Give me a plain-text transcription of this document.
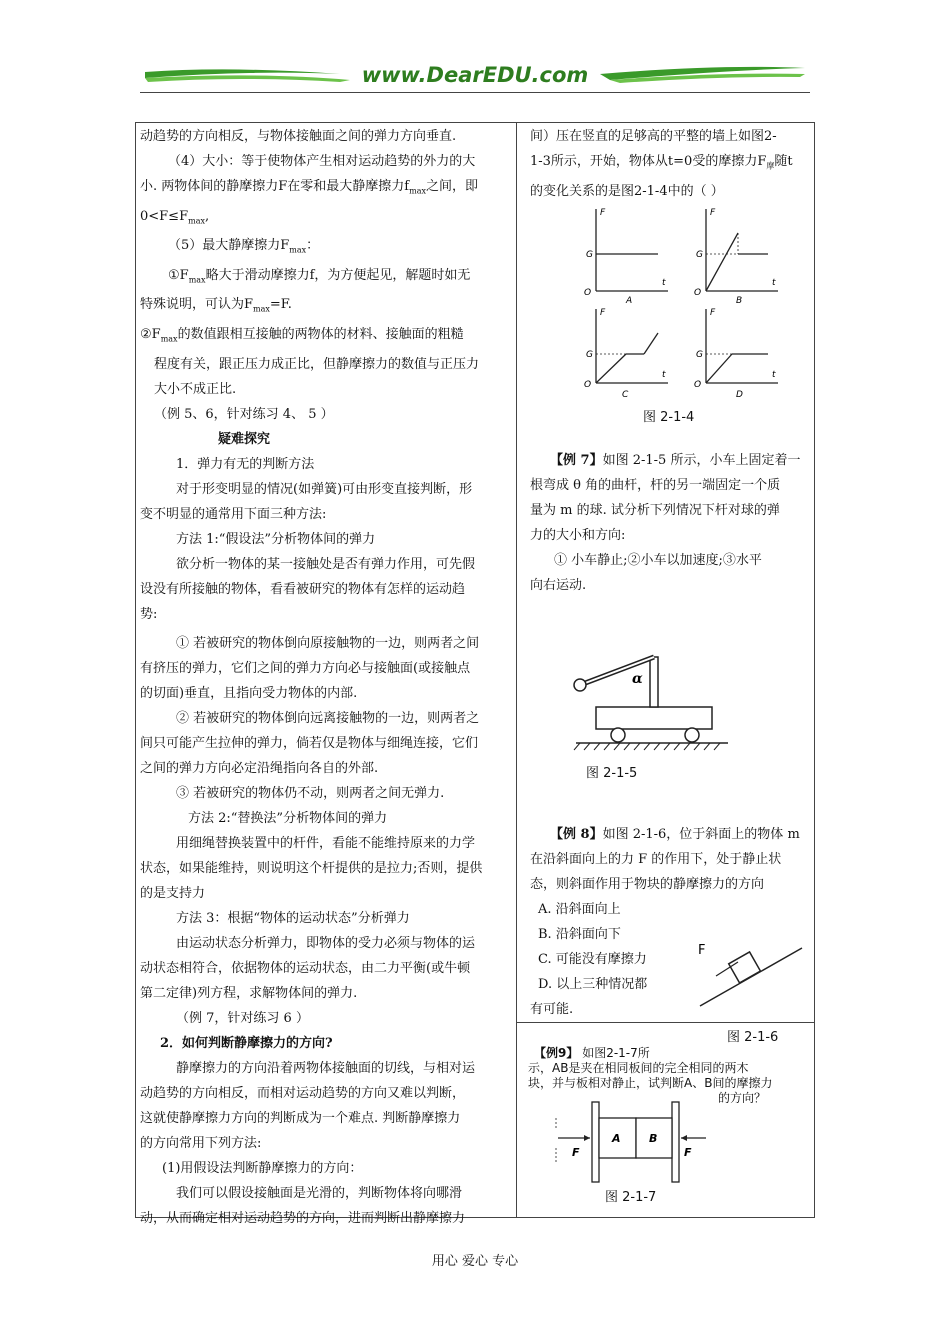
www.DearEDU.com

动趋势的方向相反，与物体接触面之间的弹力方向垂直.

（4）大小：等于使物体产生相对运动趋势的外力的大

小. 两物体间的静摩擦力F在零和最大静摩擦力$f_{max}$之间，即

$0<F\le F_{max}$,

（5）最大静摩擦力$F_{max}$：

$①F_{max}$略大于滑动摩擦力f，为方便起见，解题时如无

特殊说明，可认为$F_{max}=F$.

$②F_{max}$的数值跟相互接触的两物体的材料、接触面的粗糙

程度有关，跟正压力成正比，但静摩擦力的数值与正压力

大小不成正比.

（例 5、6，针对练习 4、 5 ）

疑难探究

1．弹力有无的判断方法

对于形变明显的情况(如弹簧)可由形变直接判断，形

变不明显的通常用下面三种方法:

方法 1:“假设法”分析物体间的弹力

欲分析一物体的某一接触处是否有弹力作用，可先假

设没有所接触的物体，看看被研究的物体有怎样的运动趋

势:

① 若被研究的物体倒向原接触物的一边，则两者之间

有挤压的弹力，它们之间的弹力方向必与接触面(或接触点

的切面)垂直，且指向受力物体的内部.

② 若被研究的物体倒向远离接触物的一边，则两者之

间只可能产生拉伸的弹力，倘若仅是物体与细绳连接，它们

之间的弹力方向必定沿绳指向各自的外部.

③ 若被研究的物体仍不动，则两者之间无弹力.

方法 2:“替换法”分析物体间的弹力

用细绳替换装置中的杆件，看能不能维持原来的力学

状态，如果能维持，则说明这个杆提供的是拉力;否则，提供

的是支持力

方法 3：根据“物体的运动状态”分析弹力

由运动状态分析弹力，即物体的受力必须与物体的运

动状态相符合，依据物体的运动状态，由二力平衡(或牛顿

第二定律)列方程，求解物体间的弹力.

（例 7，针对练习 6 ）

2．如何判断静摩擦力的方向?

静摩擦力的方向沿着两物体接触面的切线，与相对运

动趋势的方向相反，而相对运动趋势的方向又难以判断，

这就使静摩擦力方向的判断成为一个难点. 判断静摩擦力

的方向常用下列方法:

(1)用假设法判断静摩擦力的方向：

我们可以假设接触面是光滑的，判断物体将向哪滑

动，从而确定相对运动趋势的方向，进而判断出静摩擦力

间）压在竖直的足够高的平整的墙上如图2-

1-3所示，开始，物体从t=0受的摩擦力$F_摩$随t

的变化关系的是图2-1-4中的（ ）

F
G
O
t
A
F
G
O
t
B
F
G
O
t
C
F
G
O
t
D
图 2-1-4

【例 7】如图 2-1-5 所示，小车上固定着一

根弯成 θ 角的曲杆，杆的另一端固定一个质

量为 m 的球. 试分析下列情况下杆对球的弹

力的大小和方向:

① 小车静止;②小车以加速度;③水平

向右运动.

α
图 2-1-5

【例 8】如图 2-1-6，位于斜面上的物体 m

在沿斜面向上的力 F 的作用下，处于静止状

态，则斜面作用于物块的静摩擦力的方向

A. 沿斜面向上

B. 沿斜面向下

C. 可能没有摩擦力

D. 以上三种情况都

有可能.

F
图 2-1-6
【例9】 如图2-1-7所
示，AB是夹在相同板间的完全相同的两木
块，并与板相对静止，试判断A、B间的摩擦力
的方向？
A	B
F	F
图 2-1-7
用心 爱心 专心
